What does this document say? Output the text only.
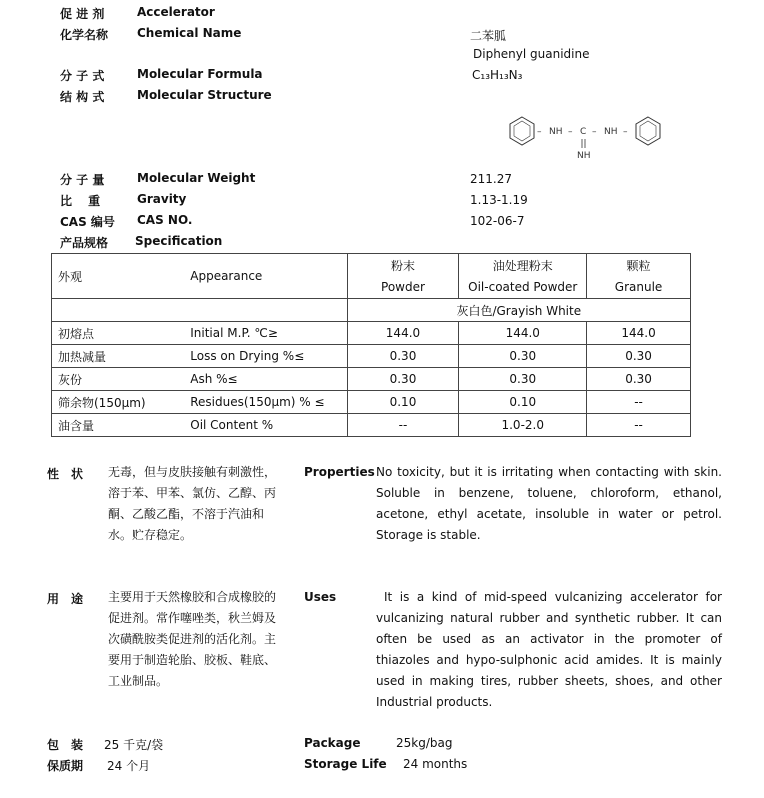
促 进 剂	Accelerator
化学名称 Chemical Name	二苯胍
Diphenyl guanidine
分 子 式	Molecular Formula	C₁₃H₁₃N₃
结 构 式	Molecular Structure
– NH – C – NH –
NH
分 子 量	Molecular Weight	211.27
比　 重	Gravity	1.13-1.19
CAS 编号 CAS NO.	102-06-7
产品规格 Specification
外观	Appearance	粉末	油处理粉末	颗粒
		Powder	Oil-coated Powder	Granule
		灰白色/Grayish White		
初熔点	Initial M.P. ℃≥	144.0	144.0	144.0
加热减量	Loss on Drying %≤	0.30	0.30	0.30
灰份	Ash %≤	0.30	0.30	0.30
筛余物(150μm)	Residues(150μm) % ≤	0.10	0.10	--
油含量	Oil Content %	--	1.0-2.0	--
性　状 无毒，但与皮肤接触有刺激性，溶于苯、甲苯、氯仿、乙醇、丙酮、乙酸乙酯，不溶于汽油和水。贮存稳定。
Properties No toxicity, but it is irritating when contacting with skin. Soluble in benzene, toluene, chloroform, ethanol, acetone, ethyl acetate, insoluble in water or petrol. Storage is stable.
用　途 主要用于天然橡胶和合成橡胶的促进剂。常作噻唑类，秋兰姆及次磺酰胺类促进剂的活化剂。主要用于制造轮胎、胶板、鞋底、工业制品。
Uses	It is a kind of mid-speed vulcanizing accelerator for vulcanizing natural rubber and synthetic rubber. It can often be used as an activator in the promoter of thiazoles and hypo-sulphonic acid amides. It is mainly used in making tires, rubber sheets, shoes, and other Industrial products.
包　装 25 千克/袋	Package	25kg/bag
保质期 24 个月	Storage Life 24 months
